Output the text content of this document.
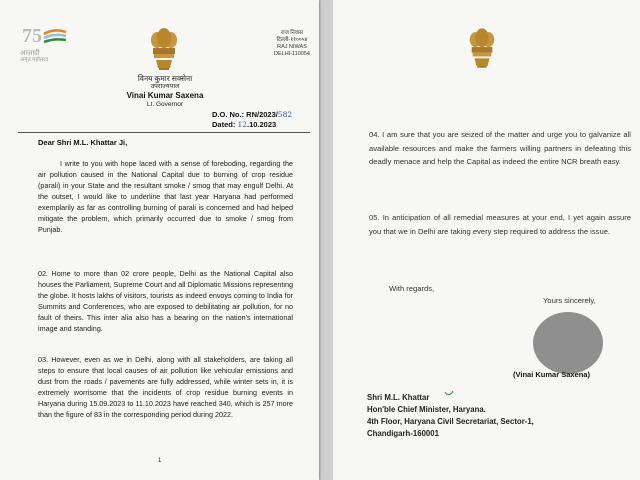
75
आज़ादी
अमृत महोत्सव
विनय कुमार सक्सेना
उपराज्यपाल
Vinai Kumar Saxena
Lt. Governor
राज निवास
दिल्ली-११००५४
RAJ NIWAS
DELHI-110054
D.O. No.: RN/2023/582
Dated: 12.10.2023
Dear Shri M.L. Khattar Ji,
I write to you with hope laced with a sense of foreboding, regarding the air pollution caused in the National Capital due to burning of crop residue (parali) in your State and the resultant smoke / smog that may engulf Delhi. At the outset, I would like to underline that last year Haryana had performed exemplarily as far as controlling burning of parali is concerned and had helped mitigate the problem, which primarily occurred due to smoke / smog from Punjab.
02. Home to more than 02 crore people, Delhi as the National Capital also houses the Parliament, Supreme Court and all Diplomatic Missions representing the globe. It hosts lakhs of visitors, tourists as indeed envoys coming to India for Summits and Conferences, who are exposed to debilitating air pollution, for no fault of theirs. This inter alia also has a bearing on the nation's international image and standing.
03. However, even as we in Delhi, along with all stakeholders, are taking all steps to ensure that local causes of air pollution like vehicular emissions and dust from the roads / pavements are fully addressed, while winter sets in, it is extremely worrisome that the incidents of crop residue burning events in Haryana during 15.09.2023 to 11.10.2023 have reached 340, which is 257 more than the figure of 83 in the corresponding period during 2022.
1
04. I am sure that you are seized of the matter and urge you to galvanize all available resources and make the farmers willing partners in defeating this deadly menace and help the Capital as indeed the entire NCR breath easy.
05. In anticipation of all remedial measures at your end, I yet again assure you that we in Delhi are taking every step required to address the issue.
With regards,
Yours sincerely,
(Vinai Kumar Saxena)
Shri M.L. Khattar
Hon'ble Chief Minister, Haryana.
4th Floor, Haryana Civil Secretariat, Sector-1,
Chandigarh-160001
